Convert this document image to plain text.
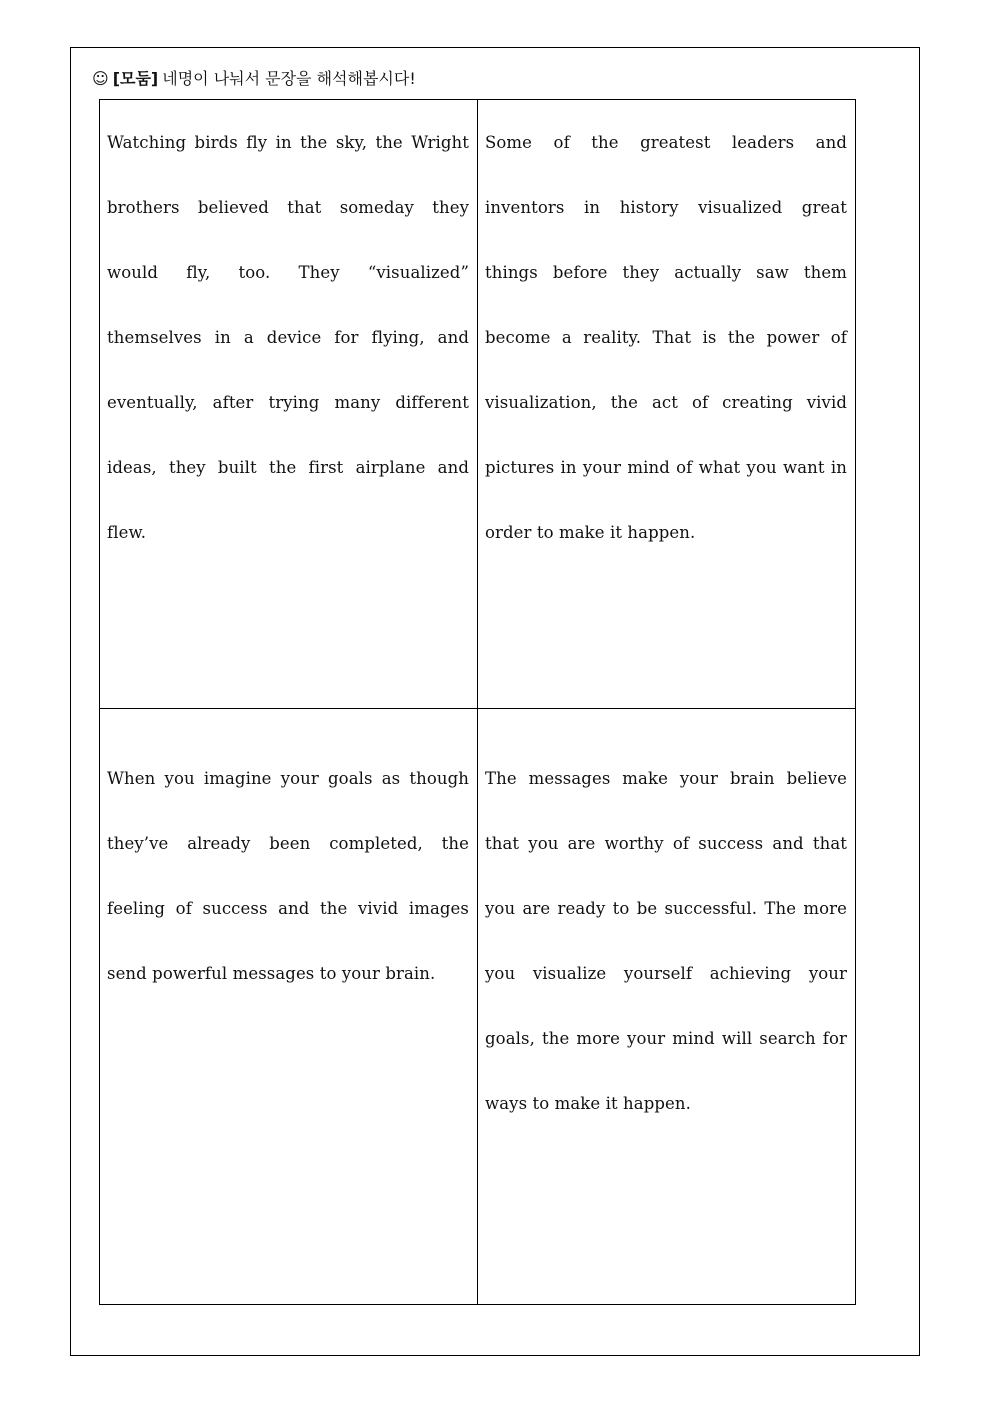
☺ [모둠] 네명이 나눠서 문장을 해석해봅시다!
Watching birds fly in the sky, the Wright brothers believed that someday they would fly, too. They “visualized” themselves in a device for flying, and eventually, after trying many different ideas, they built the first airplane and flew.
Some of the greatest leaders and inventors in history visualized great things before they actually saw them become a reality. That is the power of visualization, the act of creating vivid pictures in your mind of what you want in order to make it happen.
When you imagine your goals as though they’ve already been completed, the feeling of success and the vivid images send powerful messages to your brain.
The messages make your brain believe that you are worthy of success and that you are ready to be successful. The more you visualize yourself achieving your goals, the more your mind will search for ways to make it happen.
